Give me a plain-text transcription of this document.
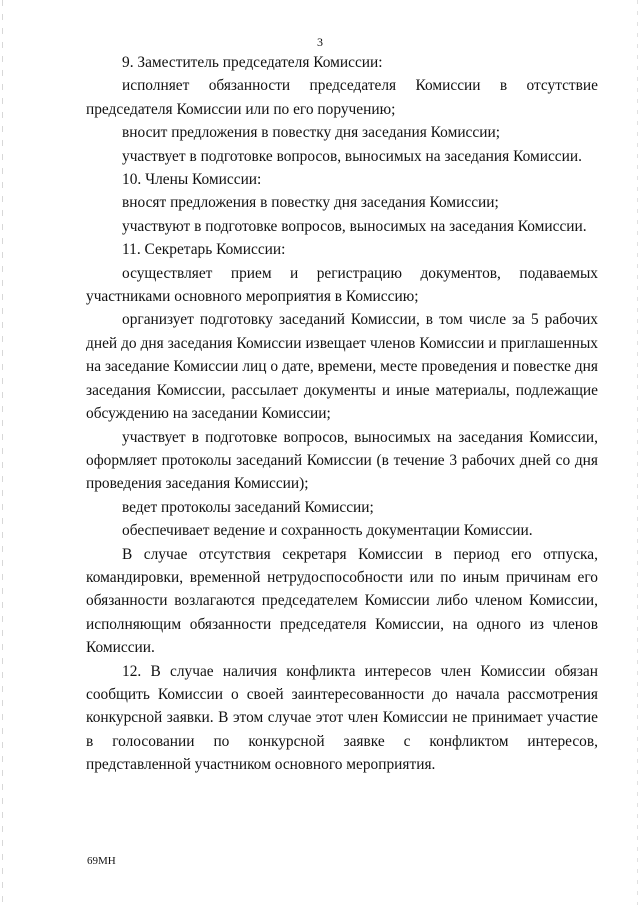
3

9. Заместитель председателя Комиссии:

исполняет обязанности председателя Комиссии в отсутствие председателя Комиссии или по его поручению;

вносит предложения в повестку дня заседания Комиссии;

участвует в подготовке вопросов, выносимых на заседания Комиссии.

10. Члены Комиссии:

вносят предложения в повестку дня заседания Комиссии;

участвуют в подготовке вопросов, выносимых на заседания Комиссии.

11. Секретарь Комиссии:

осуществляет прием и регистрацию документов, подаваемых участниками основного мероприятия в Комиссию;

организует подготовку заседаний Комиссии, в том числе за 5 рабочих дней до дня заседания Комиссии извещает членов Комиссии и приглашенных на заседание Комиссии лиц о дате, времени, месте проведения и повестке дня заседания Комиссии, рассылает документы и иные материалы, подлежащие обсуждению на заседании Комиссии;

участвует в подготовке вопросов, выносимых на заседания Комиссии, оформляет протоколы заседаний Комиссии (в течение 3 рабочих дней со дня проведения заседания Комиссии);

ведет протоколы заседаний Комиссии;

обеспечивает ведение и сохранность документации Комиссии.

В случае отсутствия секретаря Комиссии в период его отпуска, командировки, временной нетрудоспособности или по иным причинам его обязанности возлагаются председателем Комиссии либо членом Комиссии, исполняющим обязанности председателя Комиссии, на одного из членов Комиссии.

12. В случае наличия конфликта интересов член Комиссии обязан сообщить Комиссии о своей заинтересованности до начала рассмотрения конкурсной заявки. В этом случае этот член Комиссии не принимает участие в голосовании по конкурсной заявке с конфликтом интересов, представленной участником основного мероприятия.

69МН
